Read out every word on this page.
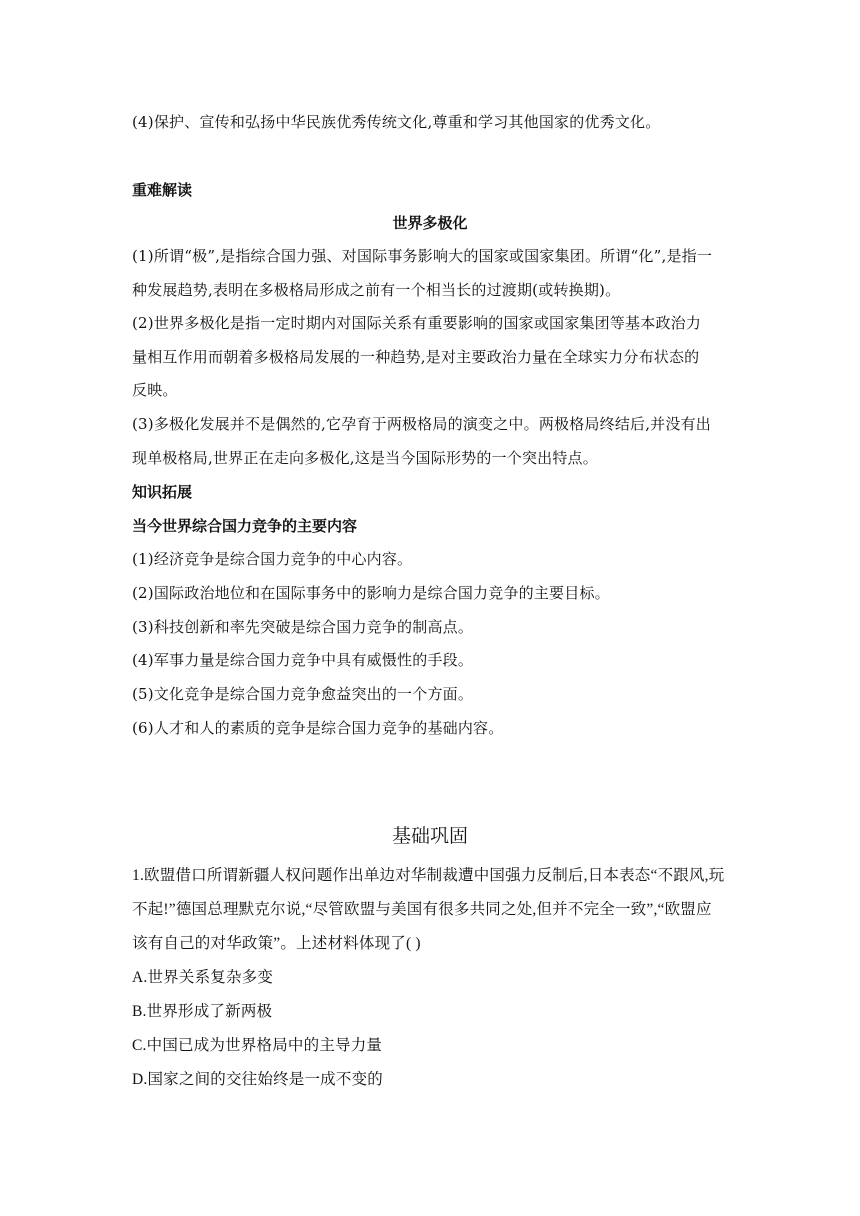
(4)保护、宣传和弘扬中华民族优秀传统文化,尊重和学习其他国家的优秀文化。
重难解读
世界多极化
(1)所谓“极”,是指综合国力强、对国际事务影响大的国家或国家集团。所谓“化”,是指一
种发展趋势,表明在多极格局形成之前有一个相当长的过渡期(或转换期)。
(2)世界多极化是指一定时期内对国际关系有重要影响的国家或国家集团等基本政治力
量相互作用而朝着多极格局发展的一种趋势,是对主要政治力量在全球实力分布状态的
反映。
(3)多极化发展并不是偶然的,它孕育于两极格局的演变之中。两极格局终结后,并没有出
现单极格局,世界正在走向多极化,这是当今国际形势的一个突出特点。
知识拓展
当今世界综合国力竞争的主要内容
(1)经济竞争是综合国力竞争的中心内容。
(2)国际政治地位和在国际事务中的影响力是综合国力竞争的主要目标。
(3)科技创新和率先突破是综合国力竞争的制高点。
(4)军事力量是综合国力竞争中具有威慑性的手段。
(5)文化竞争是综合国力竞争愈益突出的一个方面。
(6)人才和人的素质的竞争是综合国力竞争的基础内容。
基础巩固
1.欧盟借口所谓新疆人权问题作出单边对华制裁遭中国强力反制后,日本表态“不跟风,玩
不起!”德国总理默克尔说,“尽管欧盟与美国有很多共同之处,但并不完全一致”,“欧盟应
该有自己的对华政策”。上述材料体现了( )
A.世界关系复杂多变
B.世界形成了新两极
C.中国已成为世界格局中的主导力量
D.国家之间的交往始终是一成不变的
